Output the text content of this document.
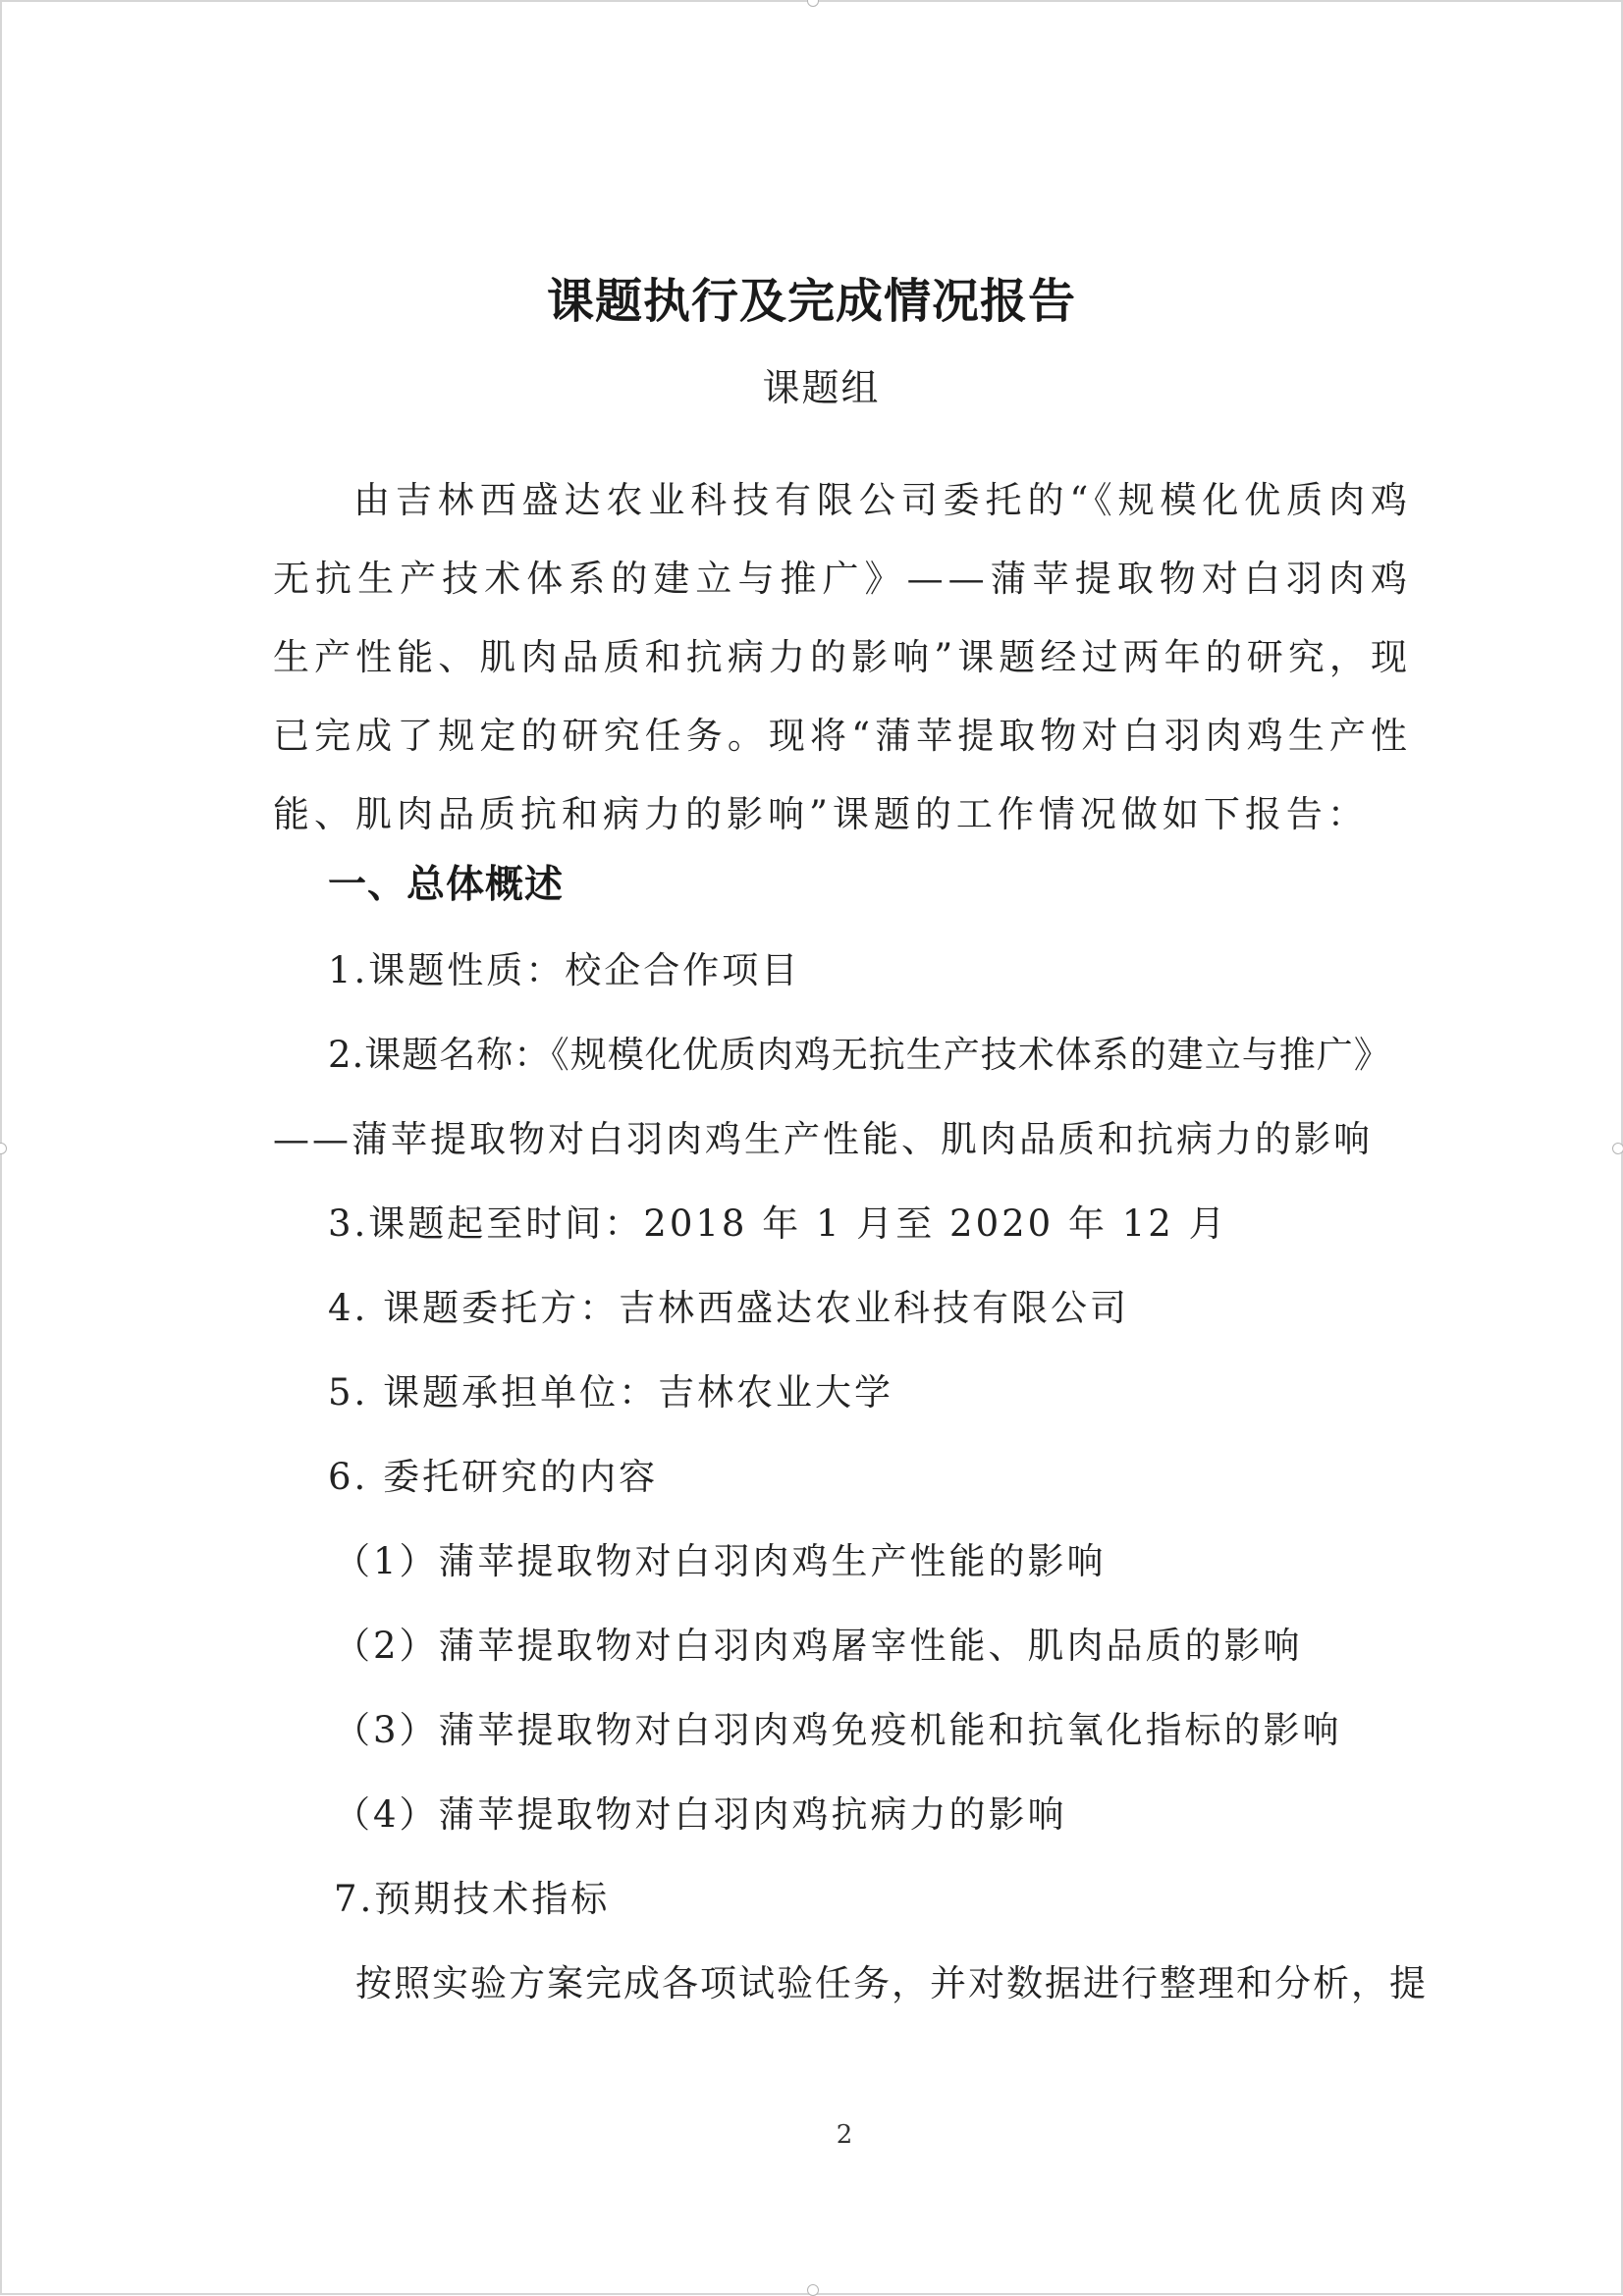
课题执行及完成情况报告
课题组
由吉林西盛达农业科技有限公司委托的“《规模化优质肉鸡无抗生产技术体系的建立与推广》——蒲苹提取物对白羽肉鸡生产性能、肌肉品质和抗病力的影响”课题经过两年的研究，现已完成了规定的研究任务。现将“蒲苹提取物对白羽肉鸡生产性能、肌肉品质抗和病力的影响”课题的工作情况做如下报告：
一、总体概述
1.课题性质：校企合作项目
2.课题名称：《规模化优质肉鸡无抗生产技术体系的建立与推广》
——蒲苹提取物对白羽肉鸡生产性能、肌肉品质和抗病力的影响
3.课题起至时间：2018 年 1 月至 2020 年 12 月
4. 课题委托方：吉林西盛达农业科技有限公司
5. 课题承担单位：吉林农业大学
6. 委托研究的内容
（1）蒲苹提取物对白羽肉鸡生产性能的影响
（2）蒲苹提取物对白羽肉鸡屠宰性能、肌肉品质的影响
（3）蒲苹提取物对白羽肉鸡免疫机能和抗氧化指标的影响
（4）蒲苹提取物对白羽肉鸡抗病力的影响
7.预期技术指标
按照实验方案完成各项试验任务，并对数据进行整理和分析，提
2
